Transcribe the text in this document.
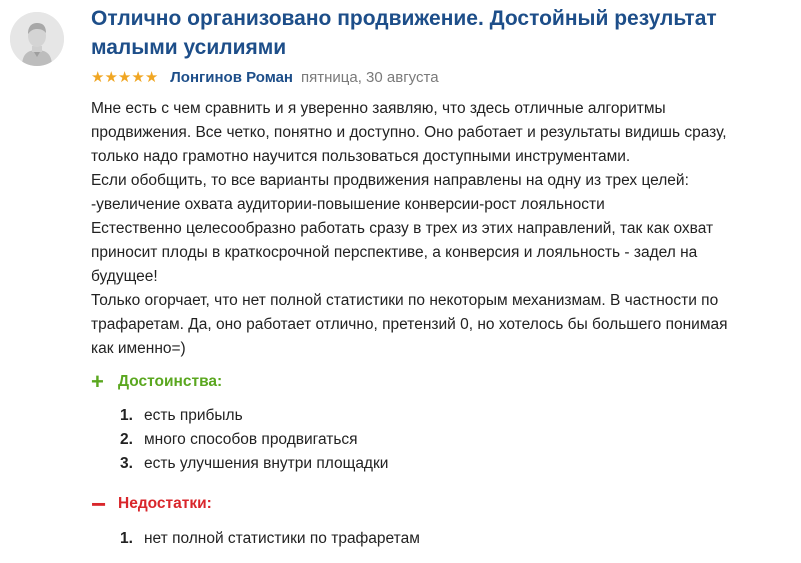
Отлично организовано продвижение. Достойный результат малыми усилиями
★ ★ ★ ★ ★ Лонгинов Роман пятница, 30 августа
Мне есть с чем сравнить и я уверенно заявляю, что здесь отличные алгоритмы
продвижения. Все четко, понятно и доступно. Оно работает и результаты видишь сразу,
только надо грамотно научится пользоваться доступными инструментами.
Если обобщить, то все варианты продвижения направлены на одну из трех целей:
-увеличение охвата аудитории-повышение конверсии-рост лояльности
Естественно целесообразно работать сразу в трех из этих направлений, так как охват
приносит плоды в краткосрочной перспективе, а конверсия и лояльность - задел на
будущее!
Только огорчает, что нет полной статистики по некоторым механизмам. В частности по
трафаретам. Да, оно работает отлично, претензий 0, но хотелось бы большего понимая
как именно=)
+ Достоинства:
1. есть прибыль
2. много способов продвигаться
3. есть улучшения внутри площадки
− Недостатки:
1. нет полной статистики по трафаретам
